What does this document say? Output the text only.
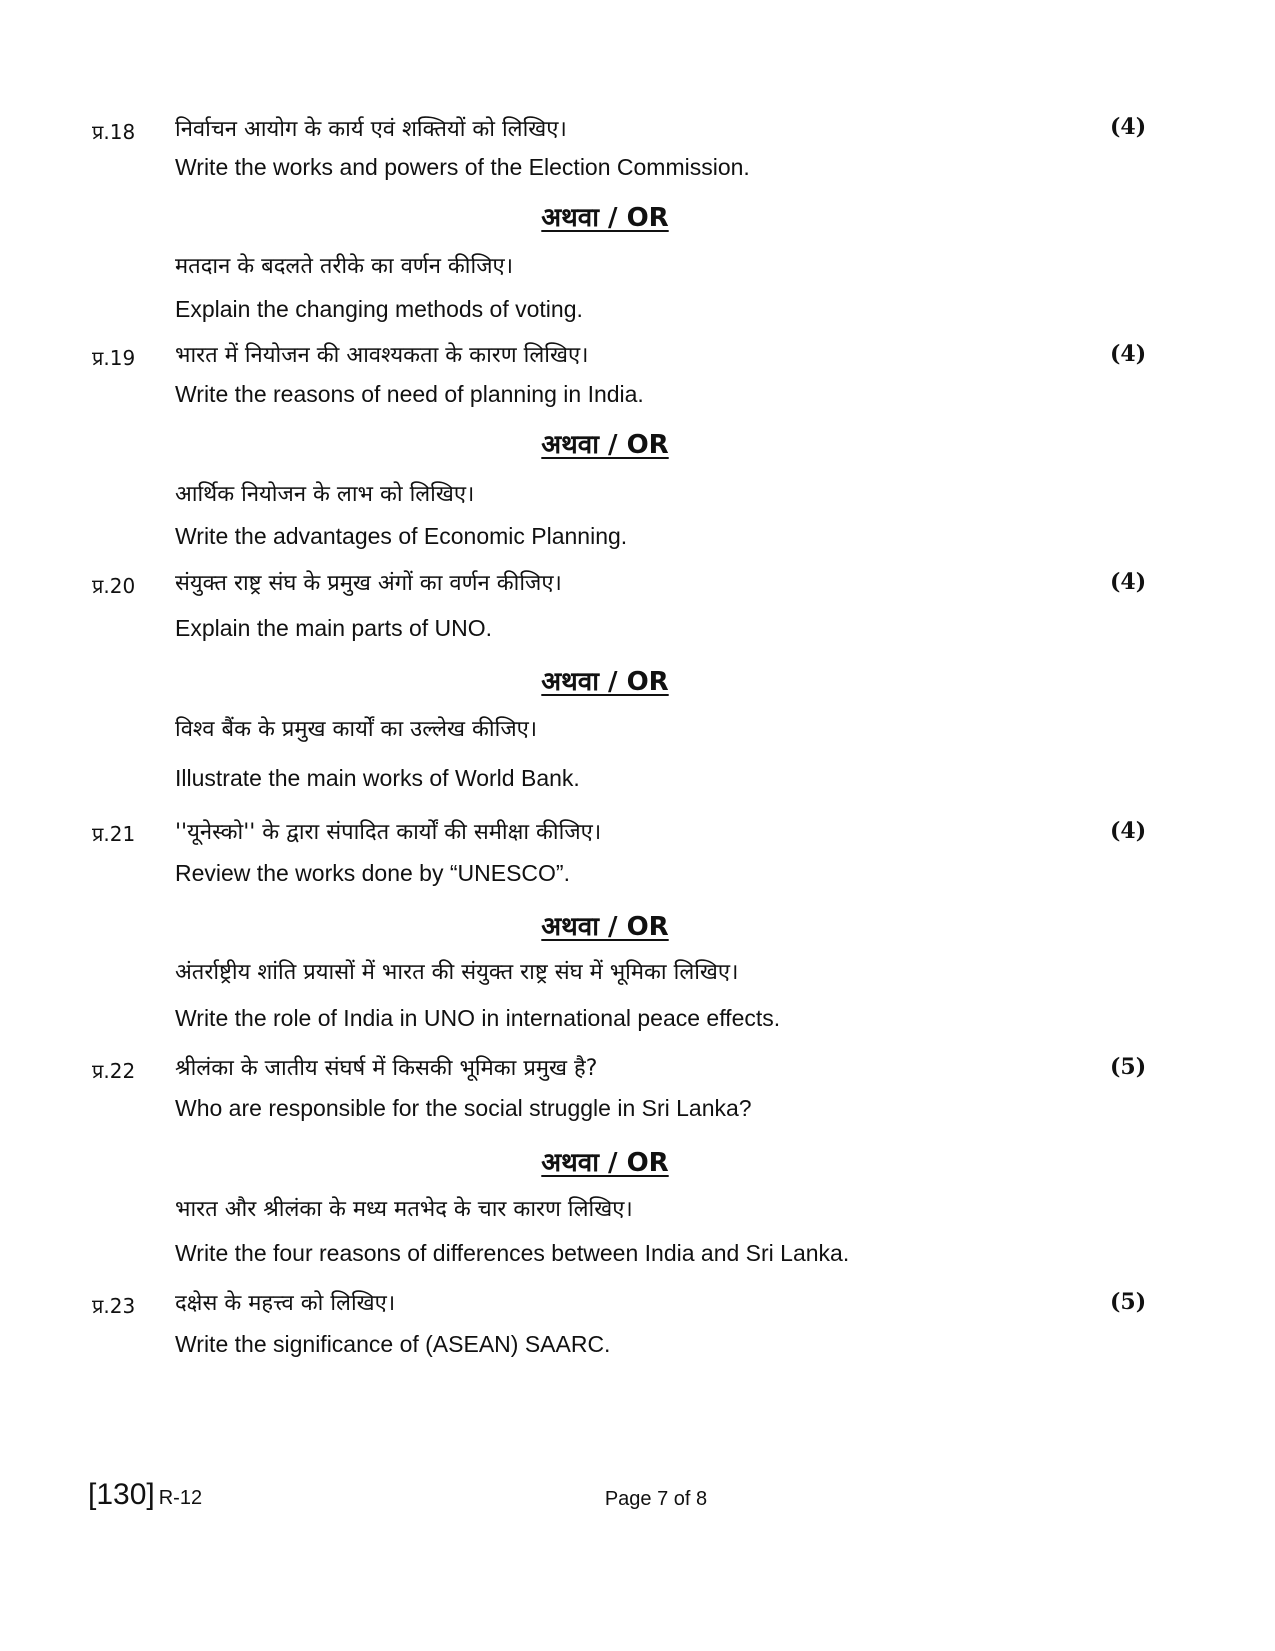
प्र.18 निर्वाचन आयोग के कार्य एवं शक्तियों को लिखिए।	(4)
Write the works and powers of the Election Commission.
अथवा / OR
मतदान के बदलते तरीके का वर्णन कीजिए।
Explain the changing methods of voting.
प्र.19 भारत में नियोजन की आवश्यकता के कारण लिखिए।	(4)
Write the reasons of need of planning in India.
अथवा / OR
आर्थिक नियोजन के लाभ को लिखिए।
Write the advantages of Economic Planning.
प्र.20 संयुक्त राष्ट्र संघ के प्रमुख अंगों का वर्णन कीजिए।	(4)
Explain the main parts of UNO.
अथवा / OR
विश्व बैंक के प्रमुख कार्यों का उल्लेख कीजिए।
Illustrate the main works of World Bank.
प्र.21 ''यूनेस्को'' के द्वारा संपादित कार्यों की समीक्षा कीजिए।	(4)
Review the works done by “UNESCO”.
अथवा / OR
अंतर्राष्ट्रीय शांति प्रयासों में भारत की संयुक्त राष्ट्र संघ में भूमिका लिखिए।
Write the role of India in UNO in international peace effects.
प्र.22 श्रीलंका के जातीय संघर्ष में किसकी भूमिका प्रमुख है?	(5)
Who are responsible for the social struggle in Sri Lanka?
अथवा / OR
भारत और श्रीलंका के मध्य मतभेद के चार कारण लिखिए।
Write the four reasons of differences between India and Sri Lanka.
प्र.23 दक्षेस के महत्त्व को लिखिए।	(5)
Write the significance of (ASEAN) SAARC.
[130] R-12	Page 7 of 8
